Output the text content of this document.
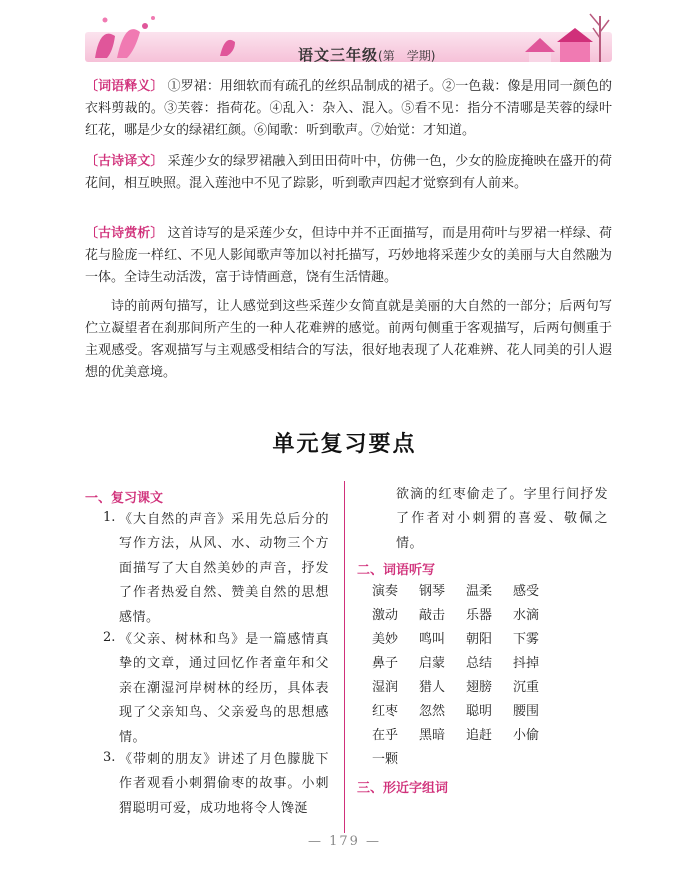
语文三年级(第　学期)
〔词语释义〕 ①罗裙：用细软而有疏孔的丝织品制成的裙子。②一色裁：像是用同一颜色的衣料剪裁的。③芙蓉：指荷花。④乱入：杂入、混入。⑤看不见：指分不清哪是芙蓉的绿叶红花，哪是少女的绿裙红颜。⑥闻歌：听到歌声。⑦始觉：才知道。
〔古诗译文〕 采莲少女的绿罗裙融入到田田荷叶中，仿佛一色，少女的脸庞掩映在盛开的荷花间，相互映照。混入莲池中不见了踪影，听到歌声四起才觉察到有人前来。
〔古诗赏析〕 这首诗写的是采莲少女，但诗中并不正面描写，而是用荷叶与罗裙一样绿、荷花与脸庞一样红、不见人影闻歌声等加以衬托描写，巧妙地将采莲少女的美丽与大自然融为一体。全诗生动活泼，富于诗情画意，饶有生活情趣。
诗的前两句描写，让人感觉到这些采莲少女简直就是美丽的大自然的一部分；后两句写伫立凝望者在刹那间所产生的一种人花难辨的感觉。前两句侧重于客观描写，后两句侧重于主观感受。客观描写与主观感受相结合的写法，很好地表现了人花难辨、花人同美的引人遐想的优美意境。
单元复习要点
一、复习课文
1. 《大自然的声音》采用先总后分的写作方法，从风、水、动物三个方面描写了大自然美妙的声音，抒发了作者热爱自然、赞美自然的思想感情。
2. 《父亲、树林和鸟》是一篇感情真挚的文章，通过回忆作者童年和父亲在潮湿河岸树林的经历，具体表现了父亲知鸟、父亲爱鸟的思想感情。
3. 《带刺的朋友》讲述了月色朦胧下作者观看小刺猬偷枣的故事。小刺猬聪明可爱，成功地将令人馋涎
欲滴的红枣偷走了。字里行间抒发了作者对小刺猬的喜爱、敬佩之情。
二、词语听写
演奏 钢琴 温柔 感受
激动 敲击 乐器 水滴
美妙 鸣叫 朝阳 下雾
鼻子 启蒙 总结 抖掉
湿润 猎人 翅膀 沉重
红枣 忽然 聪明 腰围
在乎 黑暗 追赶 小偷
一颗
三、形近字组词
— 179 —
